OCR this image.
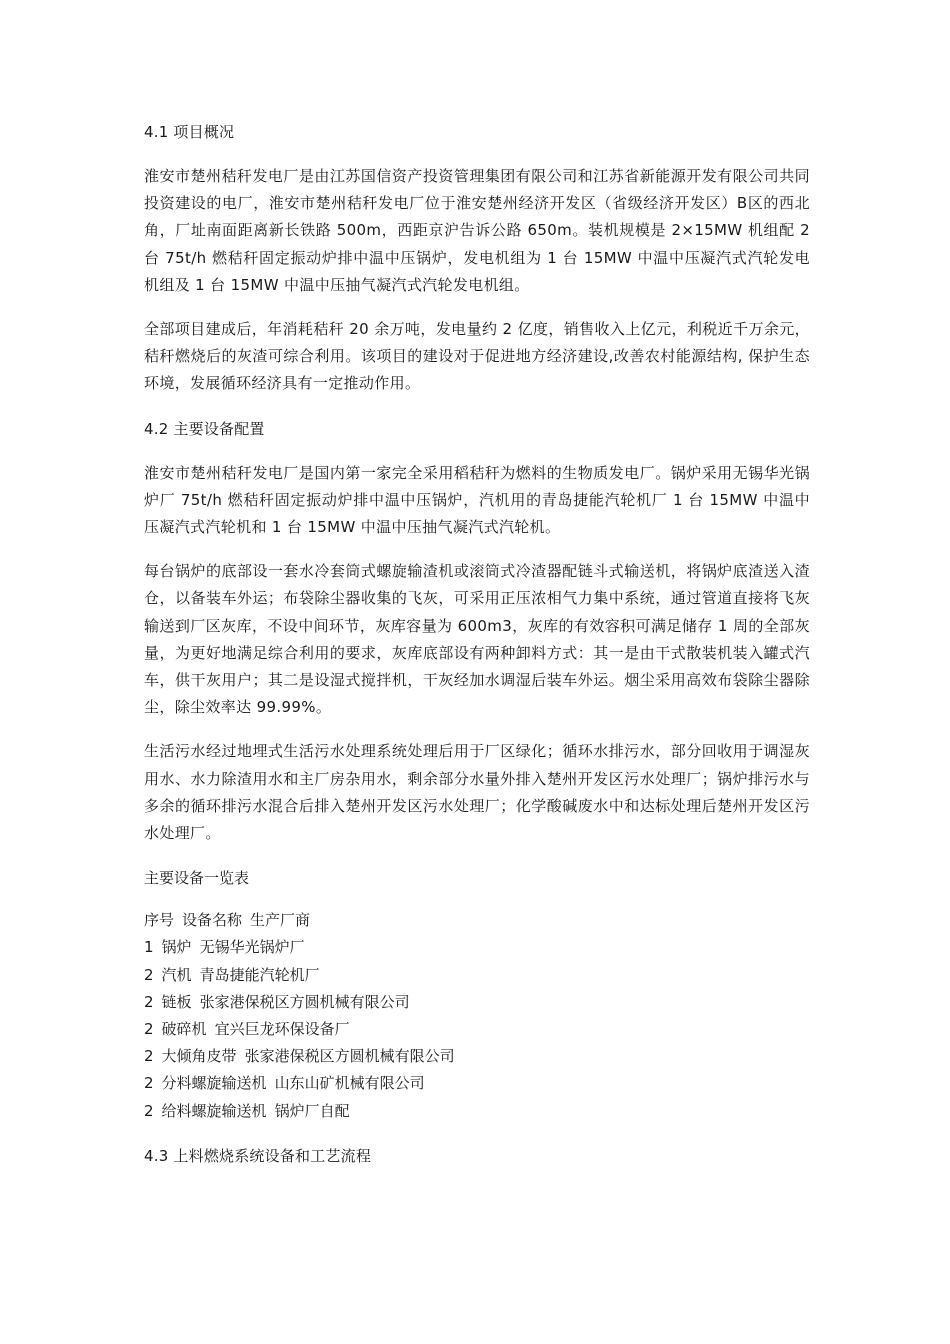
4.1 项目概况

淮安市楚州秸秆发电厂是由江苏国信资产投资管理集团有限公司和江苏省新能源开发有限公司共同投资建设的电厂，淮安市楚州秸秆发电厂位于淮安楚州经济开发区（省级经济开发区）B区的西北角，厂址南面距离新长铁路 500m，西距京沪告诉公路 650m。装机规模是 2×15MW 机组配 2 台 75t/h 燃秸秆固定振动炉排中温中压锅炉，发电机组为 1 台 15MW 中温中压凝汽式汽轮发电机组及 1 台 15MW 中温中压抽气凝汽式汽轮发电机组。

全部项目建成后，年消耗秸秆 20 余万吨，发电量约 2 亿度，销售收入上亿元，利税近千万余元，秸秆燃烧后的灰渣可综合利用。该项目的建设对于促进地方经济建设,改善农村能源结构, 保护生态环境，发展循环经济具有一定推动作用。

4.2 主要设备配置

淮安市楚州秸秆发电厂是国内第一家完全采用稻秸秆为燃料的生物质发电厂。锅炉采用无锡华光锅炉厂 75t/h 燃秸秆固定振动炉排中温中压锅炉，汽机用的青岛捷能汽轮机厂 1 台 15MW 中温中压凝汽式汽轮机和 1 台 15MW 中温中压抽气凝汽式汽轮机。

每台锅炉的底部设一套水冷套筒式螺旋输渣机或滚筒式冷渣器配链斗式输送机，将锅炉底渣送入渣仓，以备装车外运；布袋除尘器收集的飞灰，可采用正压浓相气力集中系统，通过管道直接将飞灰输送到厂区灰库，不设中间环节，灰库容量为 600m3，灰库的有效容积可满足储存 1 周的全部灰量，为更好地满足综合利用的要求，灰库底部设有两种卸料方式：其一是由干式散装机装入罐式汽车，供干灰用户；其二是设湿式搅拌机，干灰经加水调湿后装车外运。烟尘采用高效布袋除尘器除尘，除尘效率达 99.99%。

生活污水经过地埋式生活污水处理系统处理后用于厂区绿化；循环水排污水，部分回收用于调湿灰用水、水力除渣用水和主厂房杂用水，剩余部分水量外排入楚州开发区污水处理厂；锅炉排污水与多余的循环排污水混合后排入楚州开发区污水处理厂；化学酸碱废水中和达标处理后楚州开发区污水处理厂。

主要设备一览表
序号 设备名称 生产厂商
1 锅炉 无锡华光锅炉厂
2 汽机 青岛捷能汽轮机厂
2 链板 张家港保税区方圆机械有限公司
2 破碎机 宜兴巨龙环保设备厂
2 大倾角皮带 张家港保税区方圆机械有限公司
2 分料螺旋输送机 山东山矿机械有限公司
2 给料螺旋输送机 锅炉厂自配
4.3 上料燃烧系统设备和工艺流程
